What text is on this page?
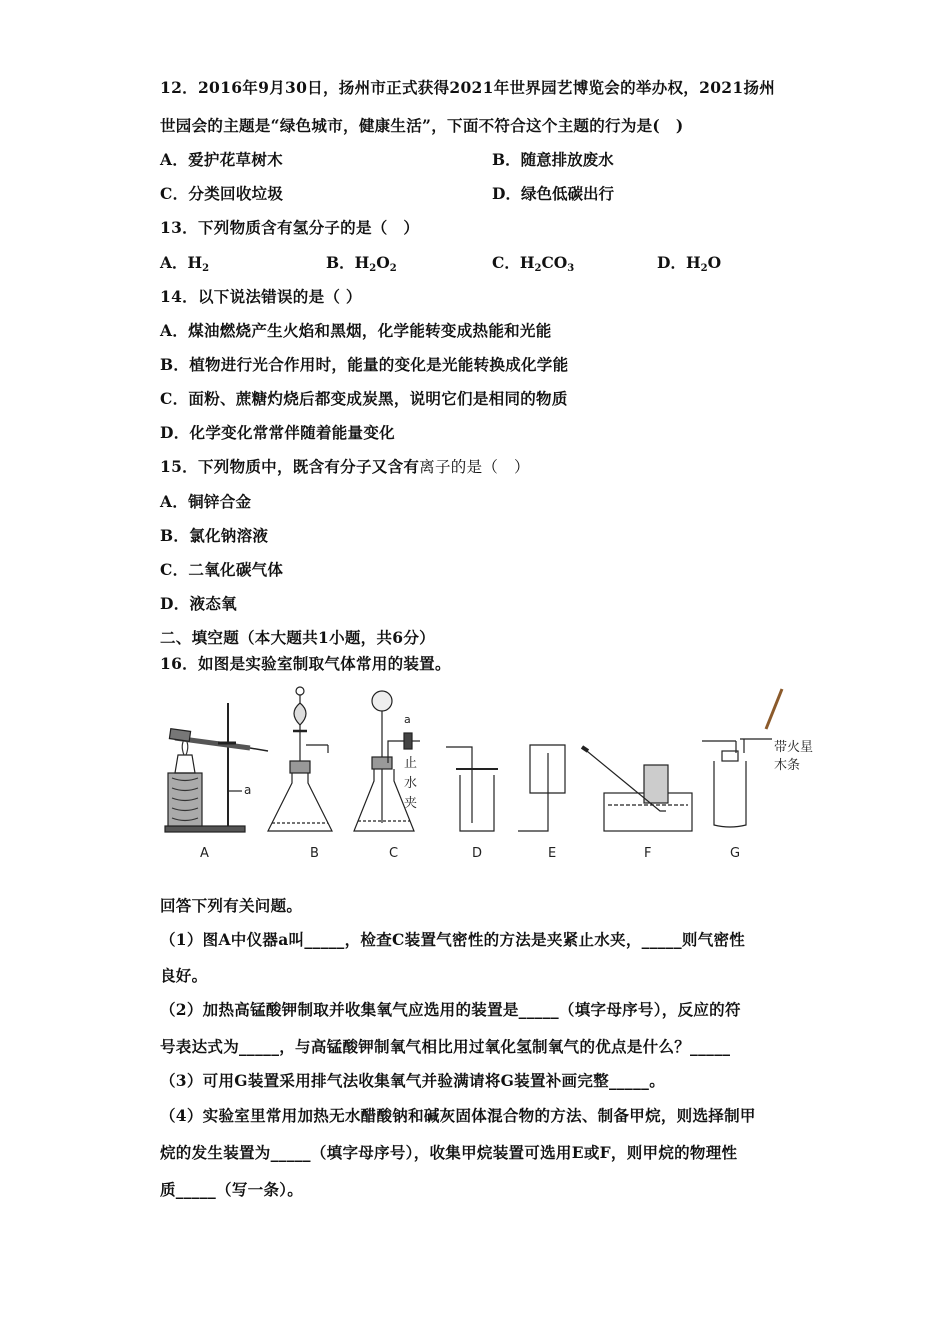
12．2016年9月30日，扬州市正式获得2021年世界园艺博览会的举办权，2021扬州
世园会的主题是“绿色城市，健康生活”，下面不符合这个主题的行为是(　)
A．爱护花草树木	B．随意排放废水
C．分类回收垃圾	D．绿色低碳出行
13．下列物质含有氢分子的是（　）
A．$H_2$	B．$H_2O_2$	C．$H_2CO_3$	D．$H_2O$
14．以下说法错误的是（ ）
A．煤油燃烧产生火焰和黑烟，化学能转变成热能和光能
B．植物进行光合作用时，能量的变化是光能转换成化学能
C．面粉、蔗糖灼烧后都变成炭黑，说明它们是相同的物质
D．化学变化常常伴随着能量变化
15．下列物质中，既含有分子又含有离子的是（　）
A．铜锌合金
B．氯化钠溶液
C．二氧化碳气体
D．液态氧
二、填空题（本大题共1小题，共6分）
16．如图是实验室制取气体常用的装置。
a
a
止
水
夹
带火星
木条
A	B	C	D	E	F	G
回答下列有关问题。
（1）图A中仪器a叫_____，检查C装置气密性的方法是夹紧止水夹，_____则气密性
良好。
（2）加热高锰酸钾制取并收集氧气应选用的装置是_____（填字母序号），反应的符
号表达式为_____，与高锰酸钾制氧气相比用过氧化氢制氧气的优点是什么？_____
（3）可用G装置采用排气法收集氧气并验满请将G装置补画完整_____。
（4）实验室里常用加热无水醋酸钠和碱灰固体混合物的方法、制备甲烷，则选择制甲
烷的发生装置为_____（填字母序号），收集甲烷装置可选用E或F，则甲烷的物理性
质_____（写一条）。
